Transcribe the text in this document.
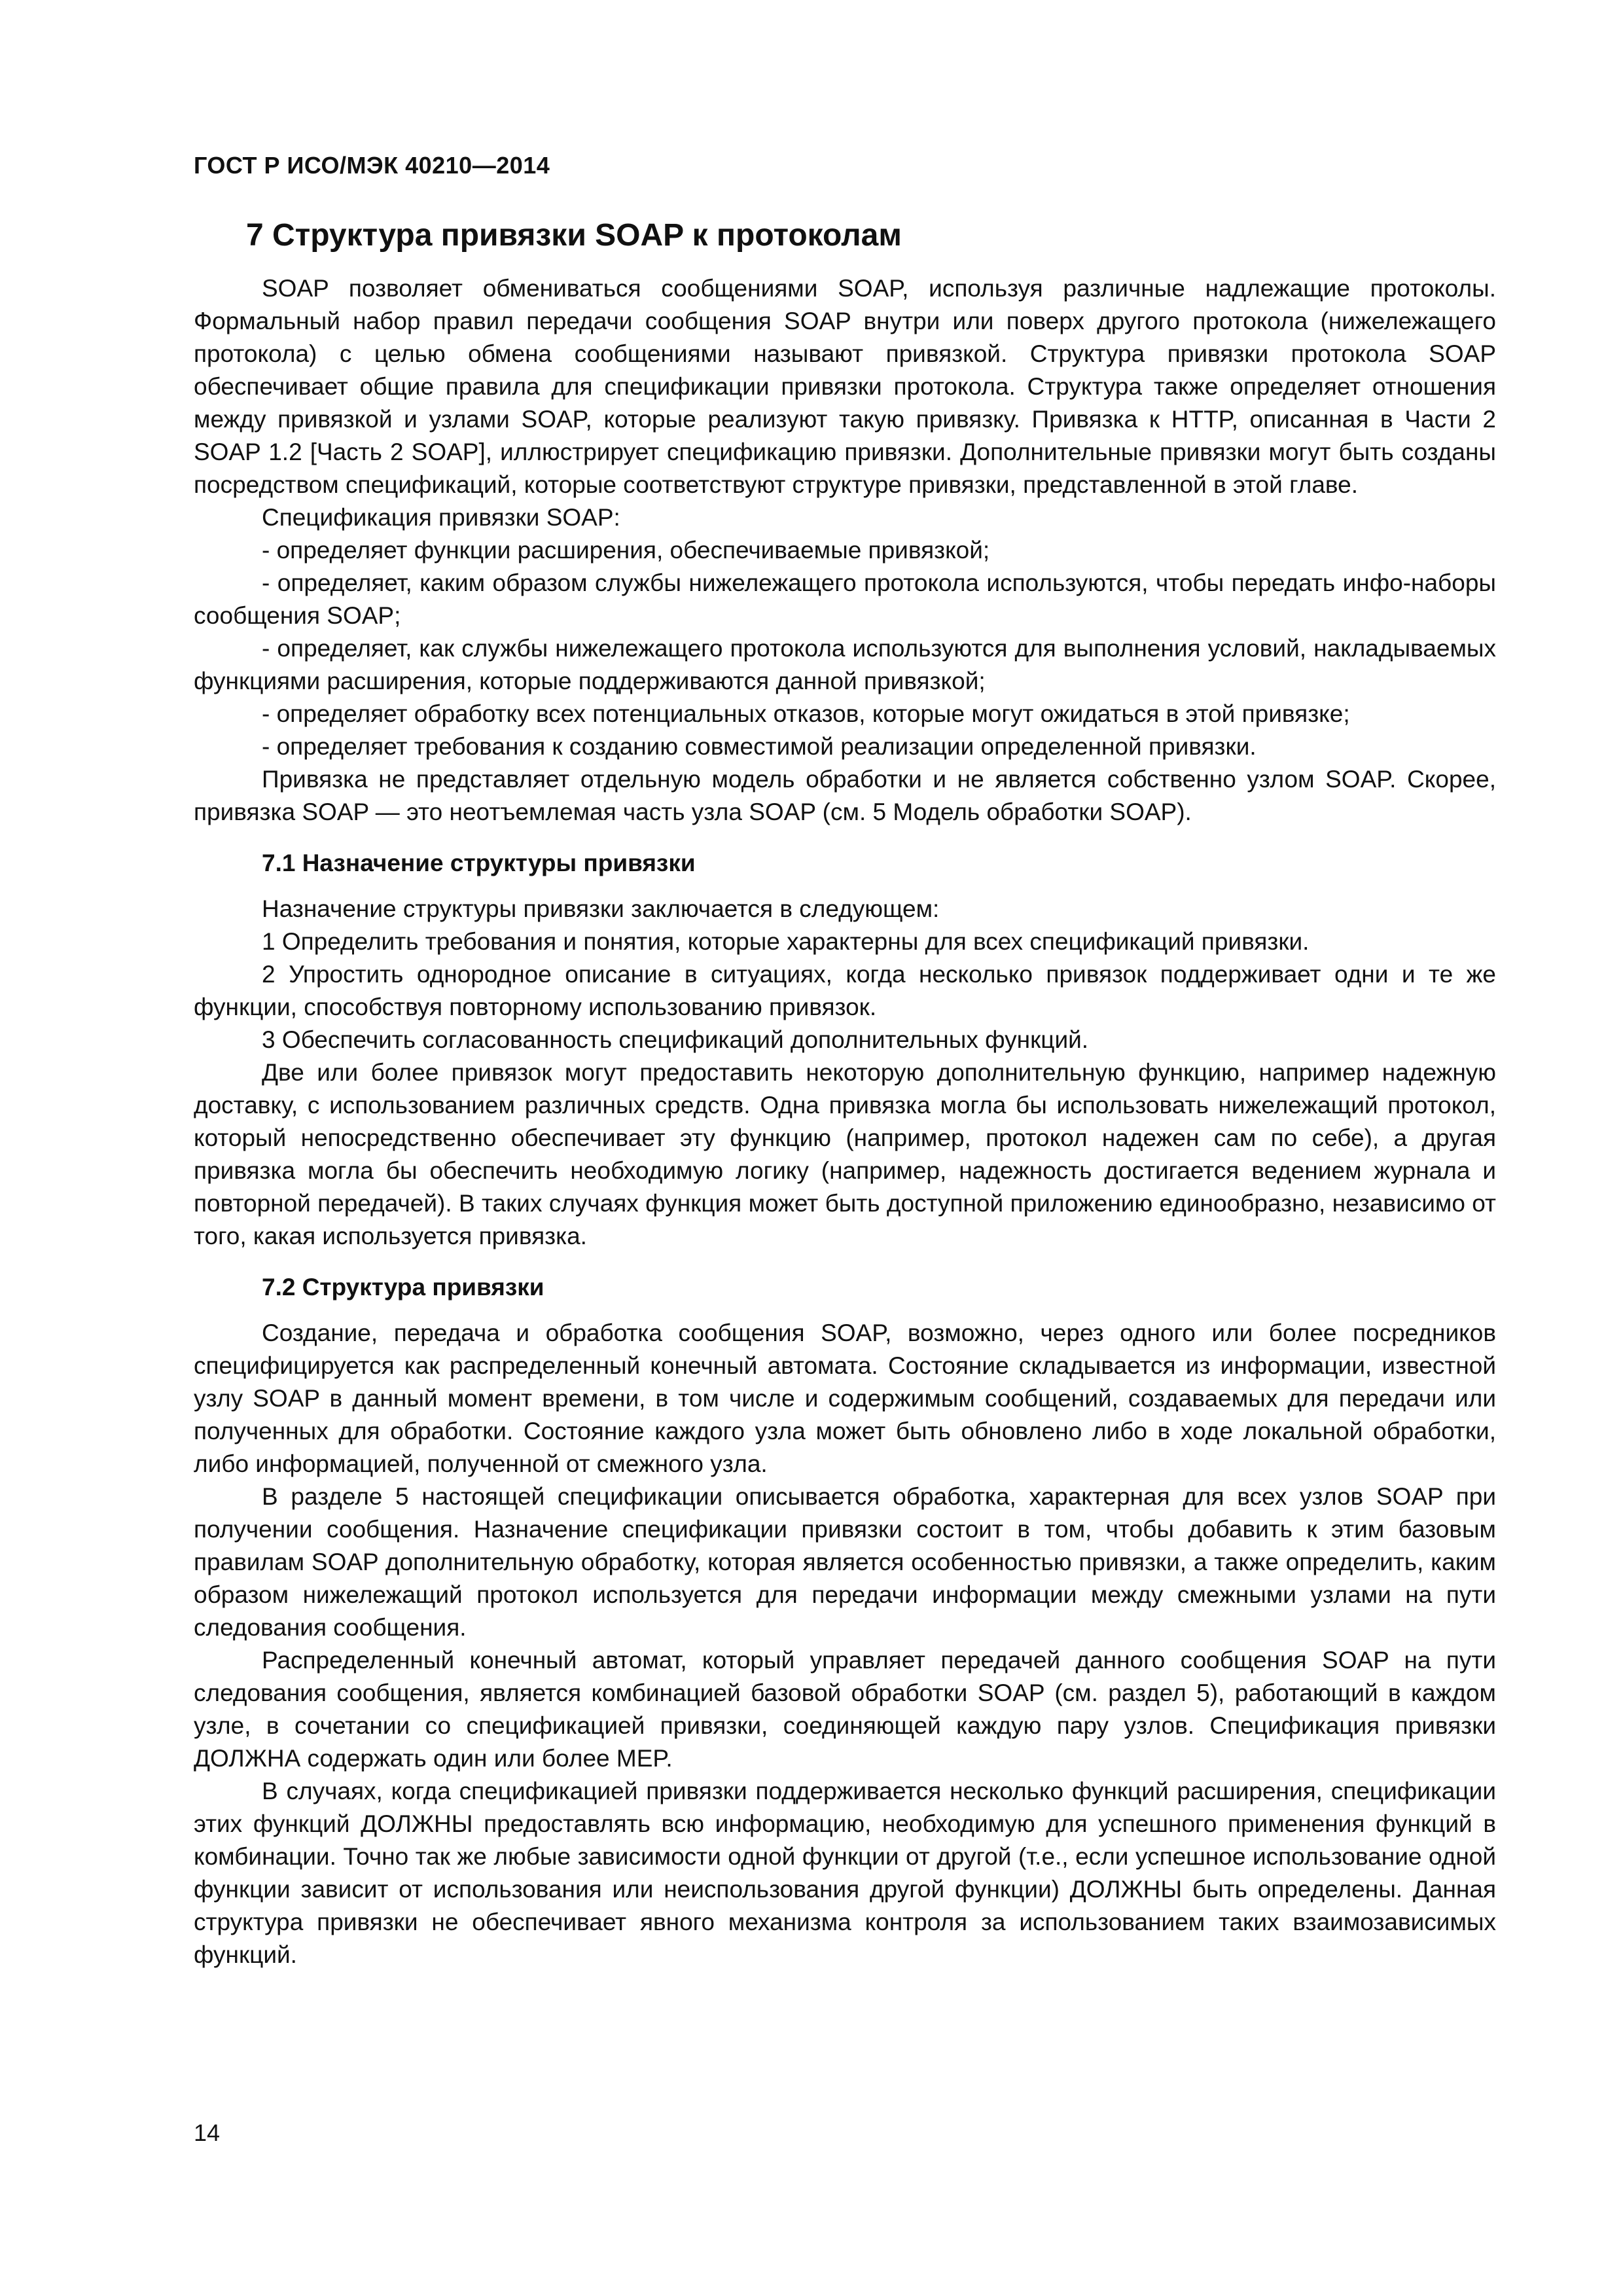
ГОСТ Р ИСО/МЭК 40210—2014
7 Структура привязки SOAP к протоколам

SOAP позволяет обмениваться сообщениями SOAP, используя различные надлежащие протоколы. Формальный набор правил передачи сообщения SOAP внутри или поверх другого протокола (нижележащего протокола) с целью обмена сообщениями называют привязкой. Структура привязки протокола SOAP обеспечивает общие правила для спецификации привязки протокола. Структура также определяет отношения между привязкой и узлами SOAP, которые реализуют такую привязку. Привязка к HTTP, описанная в Части 2 SOAP 1.2 [Часть 2 SOAP], иллюстрирует спецификацию привязки. Дополнительные привязки могут быть созданы посредством спецификаций, которые соответствуют структуре привязки, представленной в этой главе.

Спецификация привязки SOAP:

- определяет функции расширения, обеспечиваемые привязкой;

- определяет, каким образом службы нижележащего протокола используются, чтобы передать инфо-наборы сообщения SOAP;

- определяет, как службы нижележащего протокола используются для выполнения условий, накладываемых функциями расширения, которые поддерживаются данной привязкой;

- определяет обработку всех потенциальных отказов, которые могут ожидаться в этой привязке;

- определяет требования к созданию совместимой реализации определенной привязки.

Привязка не представляет отдельную модель обработки и не является собственно узлом SOAP. Скорее, привязка SOAP — это неотъемлемая часть узла SOAP (см. 5 Модель обработки SOAP).

7.1 Назначение структуры привязки

Назначение структуры привязки заключается в следующем:

1 Определить требования и понятия, которые характерны для всех спецификаций привязки.

2 Упростить однородное описание в ситуациях, когда несколько привязок поддерживает одни и те же функции, способствуя повторному использованию привязок.

3 Обеспечить согласованность спецификаций дополнительных функций.

Две или более привязок могут предоставить некоторую дополнительную функцию, например надежную доставку, с использованием различных средств. Одна привязка могла бы использовать нижележащий протокол, который непосредственно обеспечивает эту функцию (например, протокол надежен сам по себе), а другая привязка могла бы обеспечить необходимую логику (например, надежность достигается ведением журнала и повторной передачей). В таких случаях функция может быть доступной приложению единообразно, независимо от того, какая используется привязка.

7.2 Структура привязки

Создание, передача и обработка сообщения SOAP, возможно, через одного или более посредников специфицируется как распределенный конечный автомата. Состояние складывается из информации, известной узлу SOAP в данный момент времени, в том числе и содержимым сообщений, создаваемых для передачи или полученных для обработки. Состояние каждого узла может быть обновлено либо в ходе локальной обработки, либо информацией, полученной от смежного узла.

В разделе 5 настоящей спецификации описывается обработка, характерная для всех узлов SOAP при получении сообщения. Назначение спецификации привязки состоит в том, чтобы добавить к этим базовым правилам SOAP дополнительную обработку, которая является особенностью привязки, а также определить, каким образом нижележащий протокол используется для передачи информации между смежными узлами на пути следования сообщения.

Распределенный конечный автомат, который управляет передачей данного сообщения SOAP на пути следования сообщения, является комбинацией базовой обработки SOAP (см. раздел 5), работающий в каждом узле, в сочетании со спецификацией привязки, соединяющей каждую пару узлов. Спецификация привязки ДОЛЖНА содержать один или более MEP.

В случаях, когда спецификацией привязки поддерживается несколько функций расширения, спецификации этих функций ДОЛЖНЫ предоставлять всю информацию, необходимую для успешного применения функций в комбинации. Точно так же любые зависимости одной функции от другой (т.е., если успешное использование одной функции зависит от использования или неиспользования другой функции) ДОЛЖНЫ быть определены. Данная структура привязки не обеспечивает явного механизма контроля за использованием таких взаимозависимых функций.

14
